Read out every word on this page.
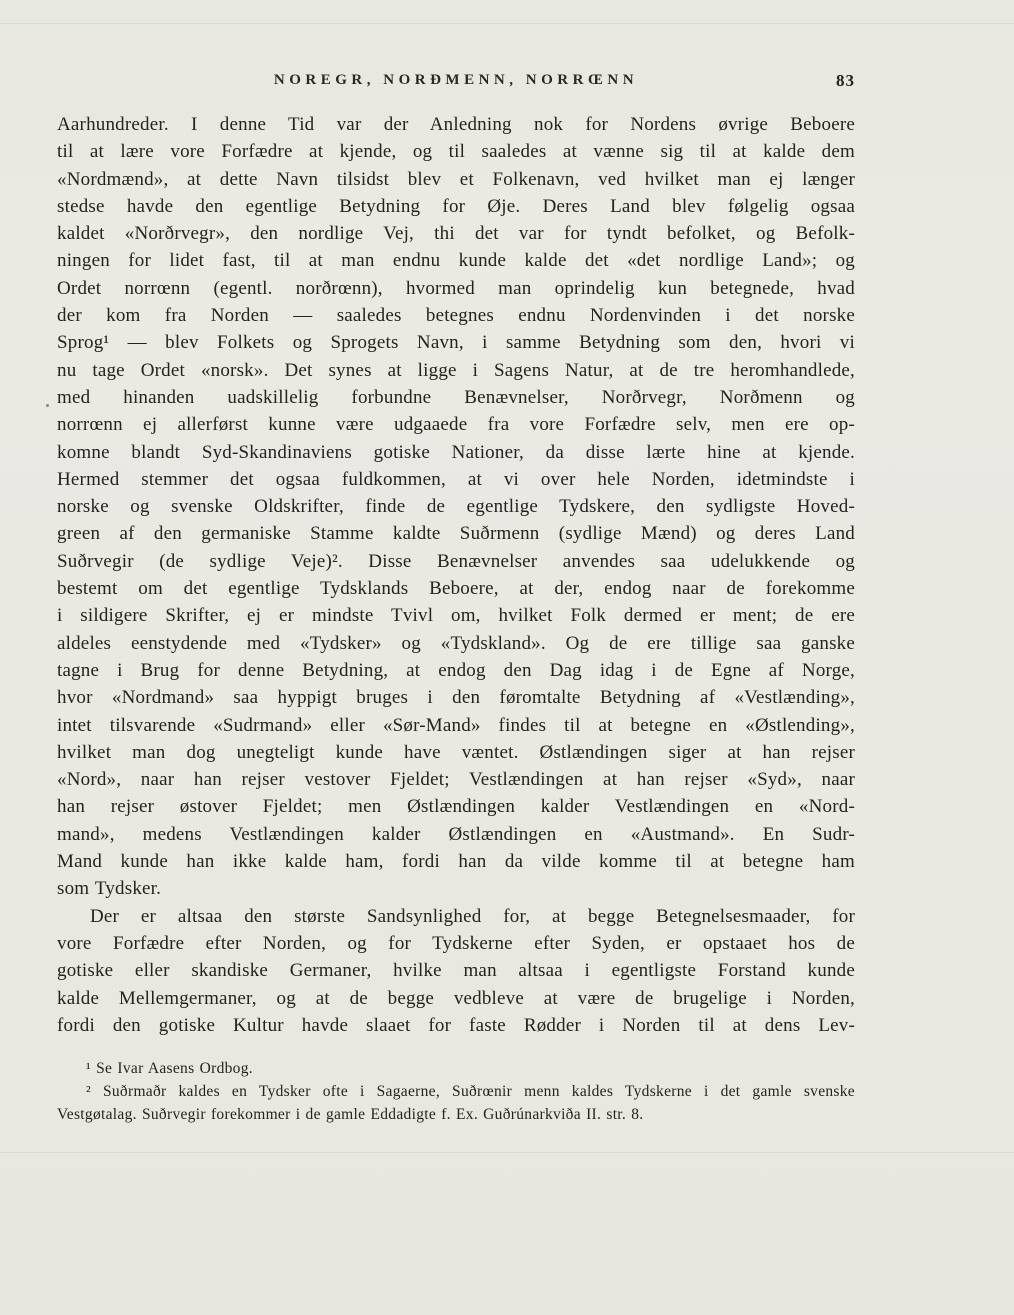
NOREGR, NORÐMENN, NORRŒNN	83
Aarhundreder. I denne Tid var der Anledning nok for Nordens øvrige Beboere
til at lære vore Forfædre at kjende, og til saaledes at vænne sig til at kalde dem
«Nordmænd», at dette Navn tilsidst blev et Folkenavn, ved hvilket man ej længer
stedse havde den egentlige Betydning for Øje. Deres Land blev følgelig ogsaa
kaldet «Norðrvegr», den nordlige Vej, thi det var for tyndt befolket, og Befolk-
ningen for lidet fast, til at man endnu kunde kalde det «det nordlige Land»; og
Ordet norrœnn (egentl. norðrœnn), hvormed man oprindelig kun betegnede, hvad
der kom fra Norden — saaledes betegnes endnu Nordenvinden i det norske
Sprog¹ — blev Folkets og Sprogets Navn, i samme Betydning som den, hvori vi
nu tage Ordet «norsk». Det synes at ligge i Sagens Natur, at de tre heromhandlede,
med hinanden uadskillelig forbundne Benævnelser, Norðrvegr, Norðmenn og
norrœnn ej allerførst kunne være udgaaede fra vore Forfædre selv, men ere op-
komne blandt Syd-Skandinaviens gotiske Nationer, da disse lærte hine at kjende.
Hermed stemmer det ogsaa fuldkommen, at vi over hele Norden, idetmindste i
norske og svenske Oldskrifter, finde de egentlige Tydskere, den sydligste Hoved-
green af den germaniske Stamme kaldte Suðrmenn (sydlige Mænd) og deres Land
Suðrvegir (de sydlige Veje)². Disse Benævnelser anvendes saa udelukkende og
bestemt om det egentlige Tydsklands Beboere, at der, endog naar de forekomme
i sildigere Skrifter, ej er mindste Tvivl om, hvilket Folk dermed er ment; de ere
aldeles eenstydende med «Tydsker» og «Tydskland». Og de ere tillige saa ganske
tagne i Brug for denne Betydning, at endog den Dag idag i de Egne af Norge,
hvor «Nordmand» saa hyppigt bruges i den føromtalte Betydning af «Vestlænding»,
intet tilsvarende «Sudrmand» eller «Sør-Mand» findes til at betegne en «Østlending»,
hvilket man dog unegteligt kunde have væntet. Østlændingen siger at han rejser
«Nord», naar han rejser vestover Fjeldet; Vestlændingen at han rejser «Syd», naar
han rejser østover Fjeldet; men Østlændingen kalder Vestlændingen en «Nord-
mand», medens Vestlændingen kalder Østlændingen en «Austmand». En Sudr-
Mand kunde han ikke kalde ham, fordi han da vilde komme til at betegne ham
som Tydsker.
Der er altsaa den største Sandsynlighed for, at begge Betegnelsesmaader, for
vore Forfædre efter Norden, og for Tydskerne efter Syden, er opstaaet hos de
gotiske eller skandiske Germaner, hvilke man altsaa i egentligste Forstand kunde
kalde Mellemgermaner, og at de begge vedbleve at være de brugelige i Norden,
fordi den gotiske Kultur havde slaaet for faste Rødder i Norden til at dens Lev-
¹ Se Ivar Aasens Ordbog.
² Suðrmaðr kaldes en Tydsker ofte i Sagaerne, Suðrœnir menn kaldes Tydskerne i det gamle svenske
Vestgøtalag. Suðrvegir forekommer i de gamle Eddadigte f. Ex. Guðrúnarkviða II. str. 8.
